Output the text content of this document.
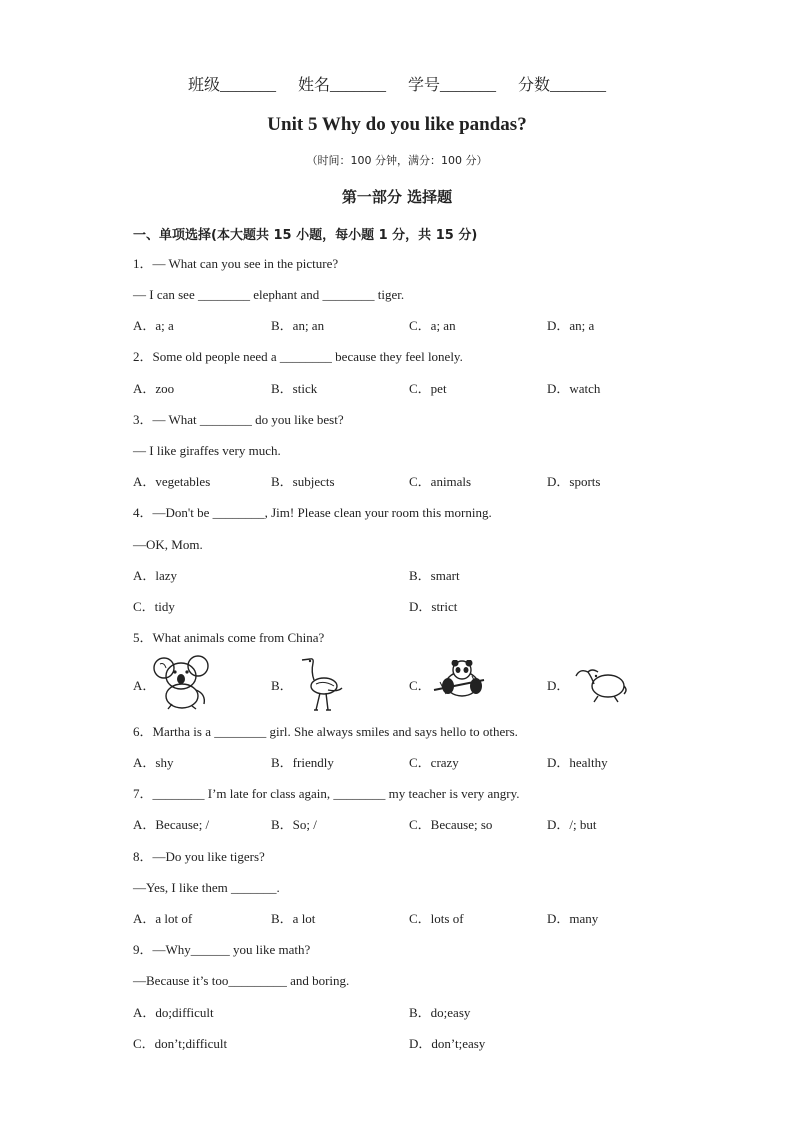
班级_______ 姓名_______ 学号_______ 分数_______
Unit 5 Why do you like pandas?
（时间：100 分钟，满分：100 分）
第一部分 选择题
一、单项选择(本大题共 15 小题，每小题 1 分，共 15 分)
1．— What can you see in the picture?
— I can see ________ elephant and ________ tiger.
A．a; a	B．an; an	C．a; an	D．an; a
2．Some old people need a ________ because they feel lonely.
A．zoo	B．stick	C．pet	D．watch
3．— What ________ do you like best?
— I like giraffes very much.
A．vegetables	B．subjects	C．animals	D．sports
4．—Don't be ________, Jim! Please clean your room this morning.
—OK, Mom.
A．lazy	B．smart
C．tidy	D．strict
5．What animals come from China?
A．	B．	C．	D．
6．Martha is a ________ girl. She always smiles and says hello to others.
A．shy	B．friendly	C．crazy	D．healthy
7．________ I’m late for class again, ________ my teacher is very angry.
A．Because; /	B．So; /	C．Because; so	D．/; but
8．—Do you like tigers?
—Yes, I like them _______.
A．a lot of	B．a lot	C．lots of	D．many
9．—Why______ you like math?
—Because it’s too_________ and boring.
A．do;difficult	B．do;easy
C．don’t;difficult	D．don’t;easy
